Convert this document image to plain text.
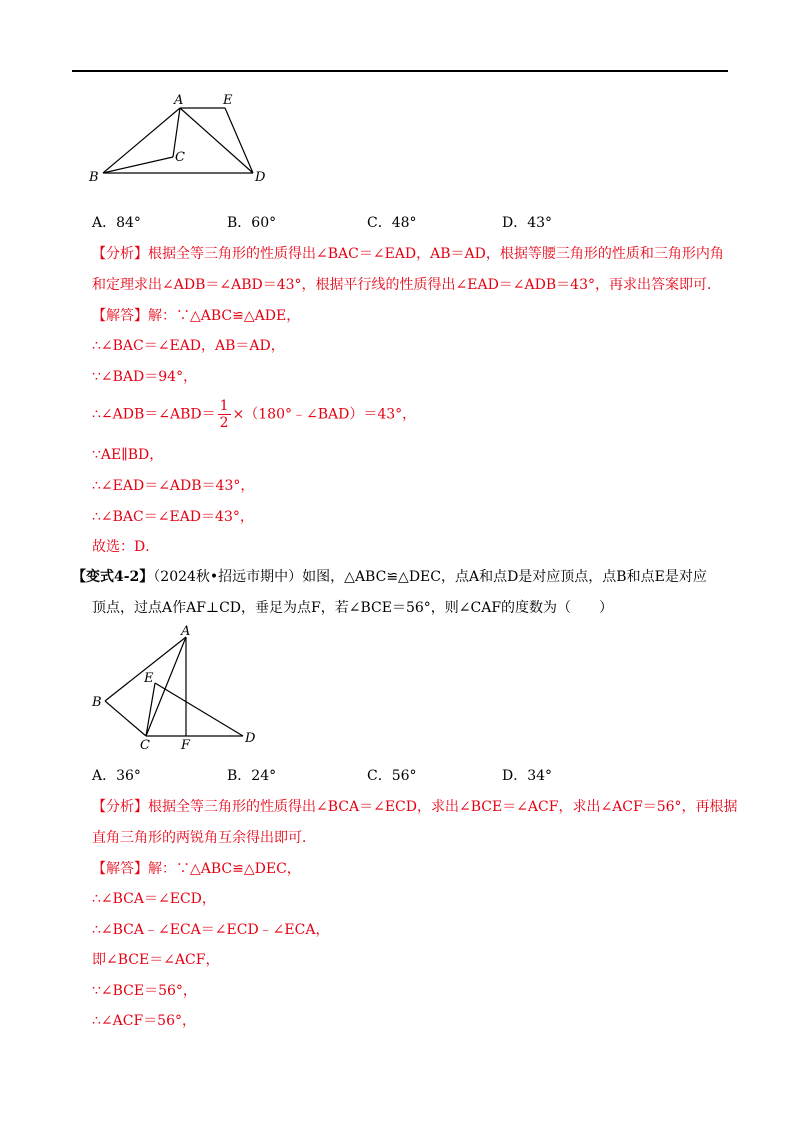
A	E
C
B	D
A．84°	B．60°	C．48°	D．43°
【分析】根据全等三角形的性质得出∠BAC＝∠EAD，AB＝AD，根据等腰三角形的性质和三角形内角
和定理求出∠ADB＝∠ABD＝43°，根据平行线的性质得出∠EAD＝∠ADB＝43°，再求出答案即可．
【解答】解：∵△ABC≌△ADE，
∴∠BAC＝∠EAD，AB＝AD，
∵∠BAD＝94°，
∴∠ADB＝∠ABD＝ $\frac{1}{2}$ ×（180°﹣∠BAD）＝43°，
∵AE∥BD，
∴∠EAD＝∠ADB＝43°，
∴∠BAC＝∠EAD＝43°，
故选：D．
【变式4-2】（2024秋•招远市期中）如图，△ABC≌△DEC，点A和点D是对应顶点，点B和点E是对应
顶点，过点A作AF⊥CD，垂足为点F，若∠BCE＝56°，则∠CAF的度数为（　　）
A
E
B
C F	D
A．36°	B．24°	C．56°	D．34°
【分析】根据全等三角形的性质得出∠BCA＝∠ECD，求出∠BCE＝∠ACF，求出∠ACF＝56°，再根据
直角三角形的两锐角互余得出即可．
【解答】解：∵△ABC≌△DEC，
∴∠BCA＝∠ECD，
∴∠BCA﹣∠ECA＝∠ECD﹣∠ECA，
即∠BCE＝∠ACF，
∵∠BCE＝56°，
∴∠ACF＝56°，
